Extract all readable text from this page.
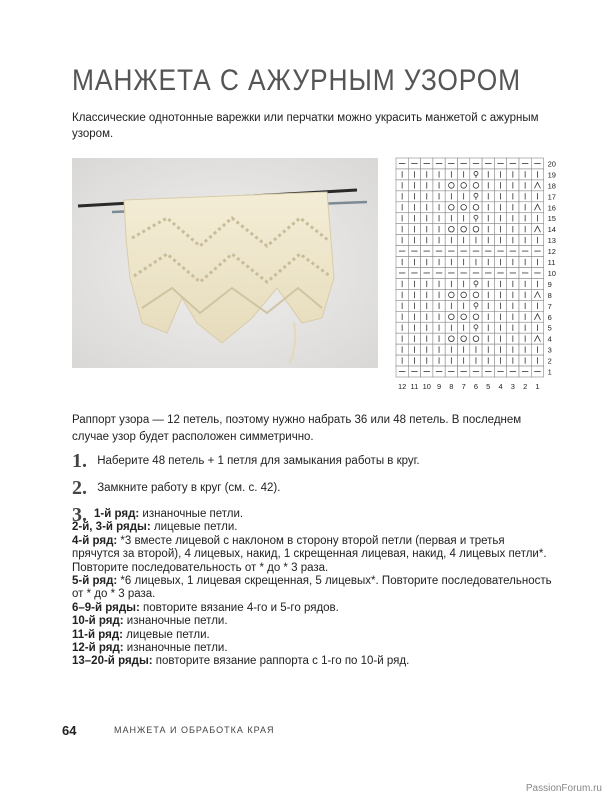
МАНЖЕТА С АЖУРНЫМ УЗОРОМ
Классические однотонные варежки или перчатки можно украсить манжетой с ажурным узором.
20
19
18
17
16
15
14
13
12
11
10
9
8
7
6
5
4
3
2
1
12 11 10 9 8 7 6 5 4 3 2 1
Раппорт узора — 12 петель, поэтому нужно набрать 36 или 48 петель. В последнем случае узор будет расположен симметрично.
1. Наберите 48 петель + 1 петля для замыкания работы в круг.
2. Замкните работу в круг (см. с. 42).
3. 1-й ряд: изнаночные петли.

2-й, 3-й ряды: лицевые петли.

4-й ряд: *3 вместе лицевой с наклоном в сторону второй петли (первая и третья прячутся за второй), 4 лицевых, накид, 1 скрещенная лицевая, накид, 4 лицевых петли*. Повторите последовательность от * до * 3 раза.

5-й ряд: *6 лицевых, 1 лицевая скрещенная, 5 лицевых*. Повторите последовательность от * до * 3 раза.

6–9-й ряды: повторите вязание 4-го и 5-го рядов.

10-й ряд: изнаночные петли.

11-й ряд: лицевые петли.

12-й ряд: изнаночные петли.

13–20-й ряды: повторите вязание раппорта с 1-го по 10-й ряд.

64	МАНЖЕТА И ОБРАБОТКА КРАЯ
PassionForum.ru
